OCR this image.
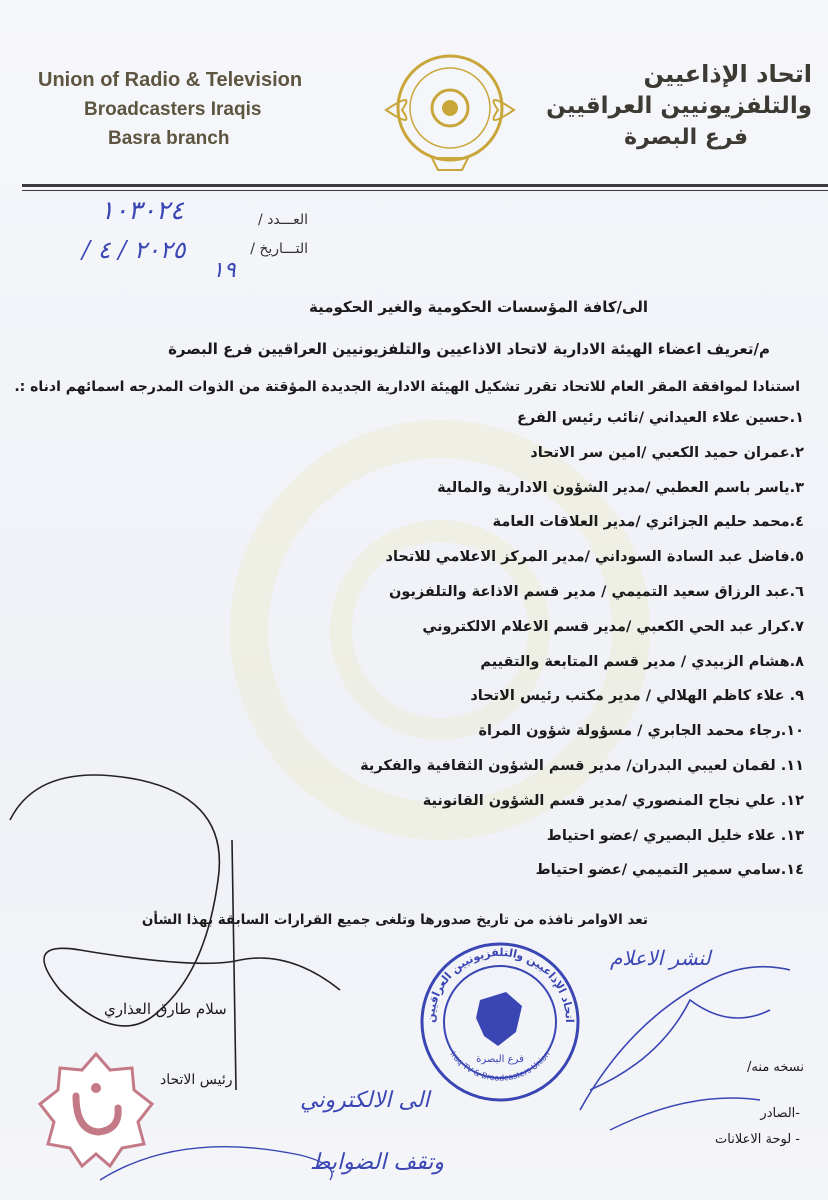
Union of Radio & Television
Broadcasters Iraqis
Basra branch
اتحاد الإذاعيين
والتلفزيونيين العراقيين
فرع البصرة
العـــدد /
١٠٣٠٢٤
التـــاريخ /
٢٠٢٥ / ٤ /
١٩
الى/كافة المؤسسات الحكومية والغير الحكومية
م/تعريف اعضاء الهيئة الادارية لاتحاد الاذاعيين والتلفزيونيين العراقيين فرع البصرة
استنادا لموافقة المقر العام للاتحاد تقرر تشكيل الهيئة الادارية الجديدة المؤقتة من الذوات المدرجه اسمائهم ادناه :.
١.حسين علاء العيداني /نائب رئيس الفرع
٢.عمران حميد الكعبي /امين سر الاتحاد
٣.ياسر باسم العطبي /مدير الشؤون الادارية والمالية
٤.محمد حليم الجزائري /مدير العلاقات العامة
٥.فاضل عبد السادة السوداني /مدير المركز الاعلامي للاتحاد
٦.عبد الرزاق سعيد التميمي / مدير قسم الاذاعة والتلفزيون
٧.كرار عبد الحي الكعبي /مدير قسم الاعلام الالكتروني
٨.هشام الزبيدي / مدير قسم المتابعة والتقييم
٩. علاء كاظم الهلالي / مدير مكتب رئيس الاتحاد
١٠.رجاء محمد الجابري / مسؤولة شؤون المراة
١١. لقمان لعيبي البدران/ مدير قسم الشؤون الثقافية والفكرية
١٢. علي نجاح المنصوري /مدير قسم الشؤون القانونية
١٣. علاء خليل البصيري /عضو احتياط
١٤.سامي سمير التميمي /عضو احتياط
تعد الاوامر نافذه من تاريخ صدورها وتلغى جميع القرارات السابقة بهذا الشأن
سلام طارق العذاري
رئيس الاتحاد
اتحاد الإذاعيين والتلفزيونيين العراقيين
Iraq TV & Broadcasters Union
فرع البصرة
لنشر الاعلام
نسخه منه/
-الصادر
- لوحة الاعلانات
الى الالكتروني
وتقف الضوابط
